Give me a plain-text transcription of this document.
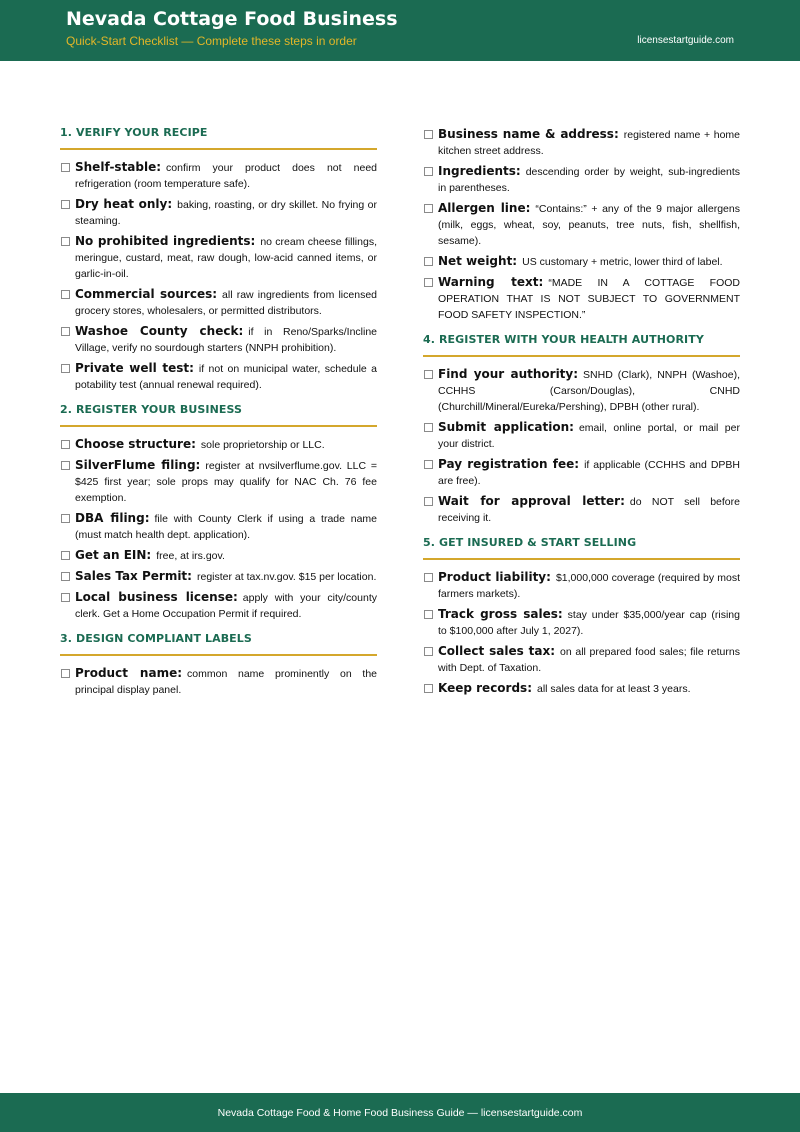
Nevada Cottage Food Business
Quick-Start Checklist — Complete these steps in order	licensestartguide.com
1. VERIFY YOUR RECIPE
Shelf-stable: confirm your product does not need refrigeration (room temperature safe).
Dry heat only: baking, roasting, or dry skillet. No frying or steaming.
No prohibited ingredients: no cream cheese fillings, meringue, custard, meat, raw dough, low-acid canned items, or garlic-in-oil.
Commercial sources: all raw ingredients from licensed grocery stores, wholesalers, or permitted distributors.
Washoe County check: if in Reno/Sparks/Incline Village, verify no sourdough starters (NNPH prohibition).
Private well test: if not on municipal water, schedule a potability test (annual renewal required).
2. REGISTER YOUR BUSINESS
Choose structure: sole proprietorship or LLC.
SilverFlume filing: register at nvsilverflume.gov. LLC = $425 first year; sole props may qualify for NAC Ch. 76 fee exemption.
DBA filing: file with County Clerk if using a trade name (must match health dept. application).
Get an EIN: free, at irs.gov.
Sales Tax Permit: register at tax.nv.gov. $15 per location.
Local business license: apply with your city/county clerk. Get a Home Occupation Permit if required.
3. DESIGN COMPLIANT LABELS
Product name: common name prominently on the principal display panel.
Business name & address: registered name + home kitchen street address.
Ingredients: descending order by weight, sub-ingredients in parentheses.
Allergen line: “Contains:” + any of the 9 major allergens (milk, eggs, wheat, soy, peanuts, tree nuts, fish, shellfish, sesame).
Net weight: US customary + metric, lower third of label.
Warning text: “MADE IN A COTTAGE FOOD OPERATION THAT IS NOT SUBJECT TO GOVERNMENT FOOD SAFETY INSPECTION.”
4. REGISTER WITH YOUR HEALTH AUTHORITY
Find your authority: SNHD (Clark), NNPH (Washoe), CCHHS (Carson/Douglas), CNHD (Churchill/Mineral/Eureka/Pershing), DPBH (other rural).
Submit application: email, online portal, or mail per your district.
Pay registration fee: if applicable (CCHHS and DPBH are free).
Wait for approval letter: do NOT sell before receiving it.
5. GET INSURED & START SELLING
Product liability: $1,000,000 coverage (required by most farmers markets).
Track gross sales: stay under $35,000/year cap (rising to $100,000 after July 1, 2027).
Collect sales tax: on all prepared food sales; file returns with Dept. of Taxation.
Keep records: all sales data for at least 3 years.
Nevada Cottage Food & Home Food Business Guide — licensestartguide.com
